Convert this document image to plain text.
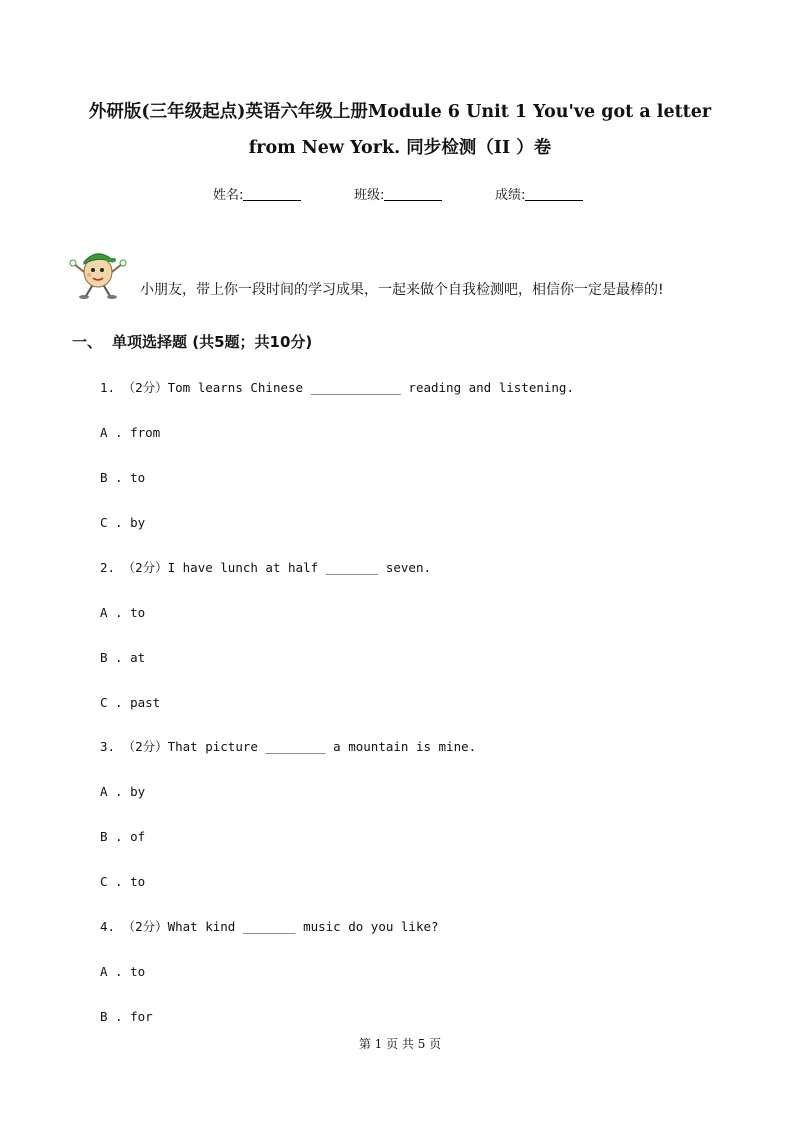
外研版(三年级起点)英语六年级上册Module 6 Unit 1 You've got a letter
from New York. 同步检测（II ）卷
姓名:	班级:	成绩:
小朋友，带上你一段时间的学习成果，一起来做个自我检测吧，相信你一定是最棒的!
一、 单项选择题 (共5题；共10分)
1. （2分）Tom learns Chinese ____________ reading and listening.
A . from
B . to
C . by
2. （2分）I have lunch at half _______ seven.
A . to
B . at
C . past
3. （2分）That picture ________ a mountain is mine.
A . by
B . of
C . to
4. （2分）What kind _______ music do you like?
A . to
B . for
第 1 页 共 5 页
